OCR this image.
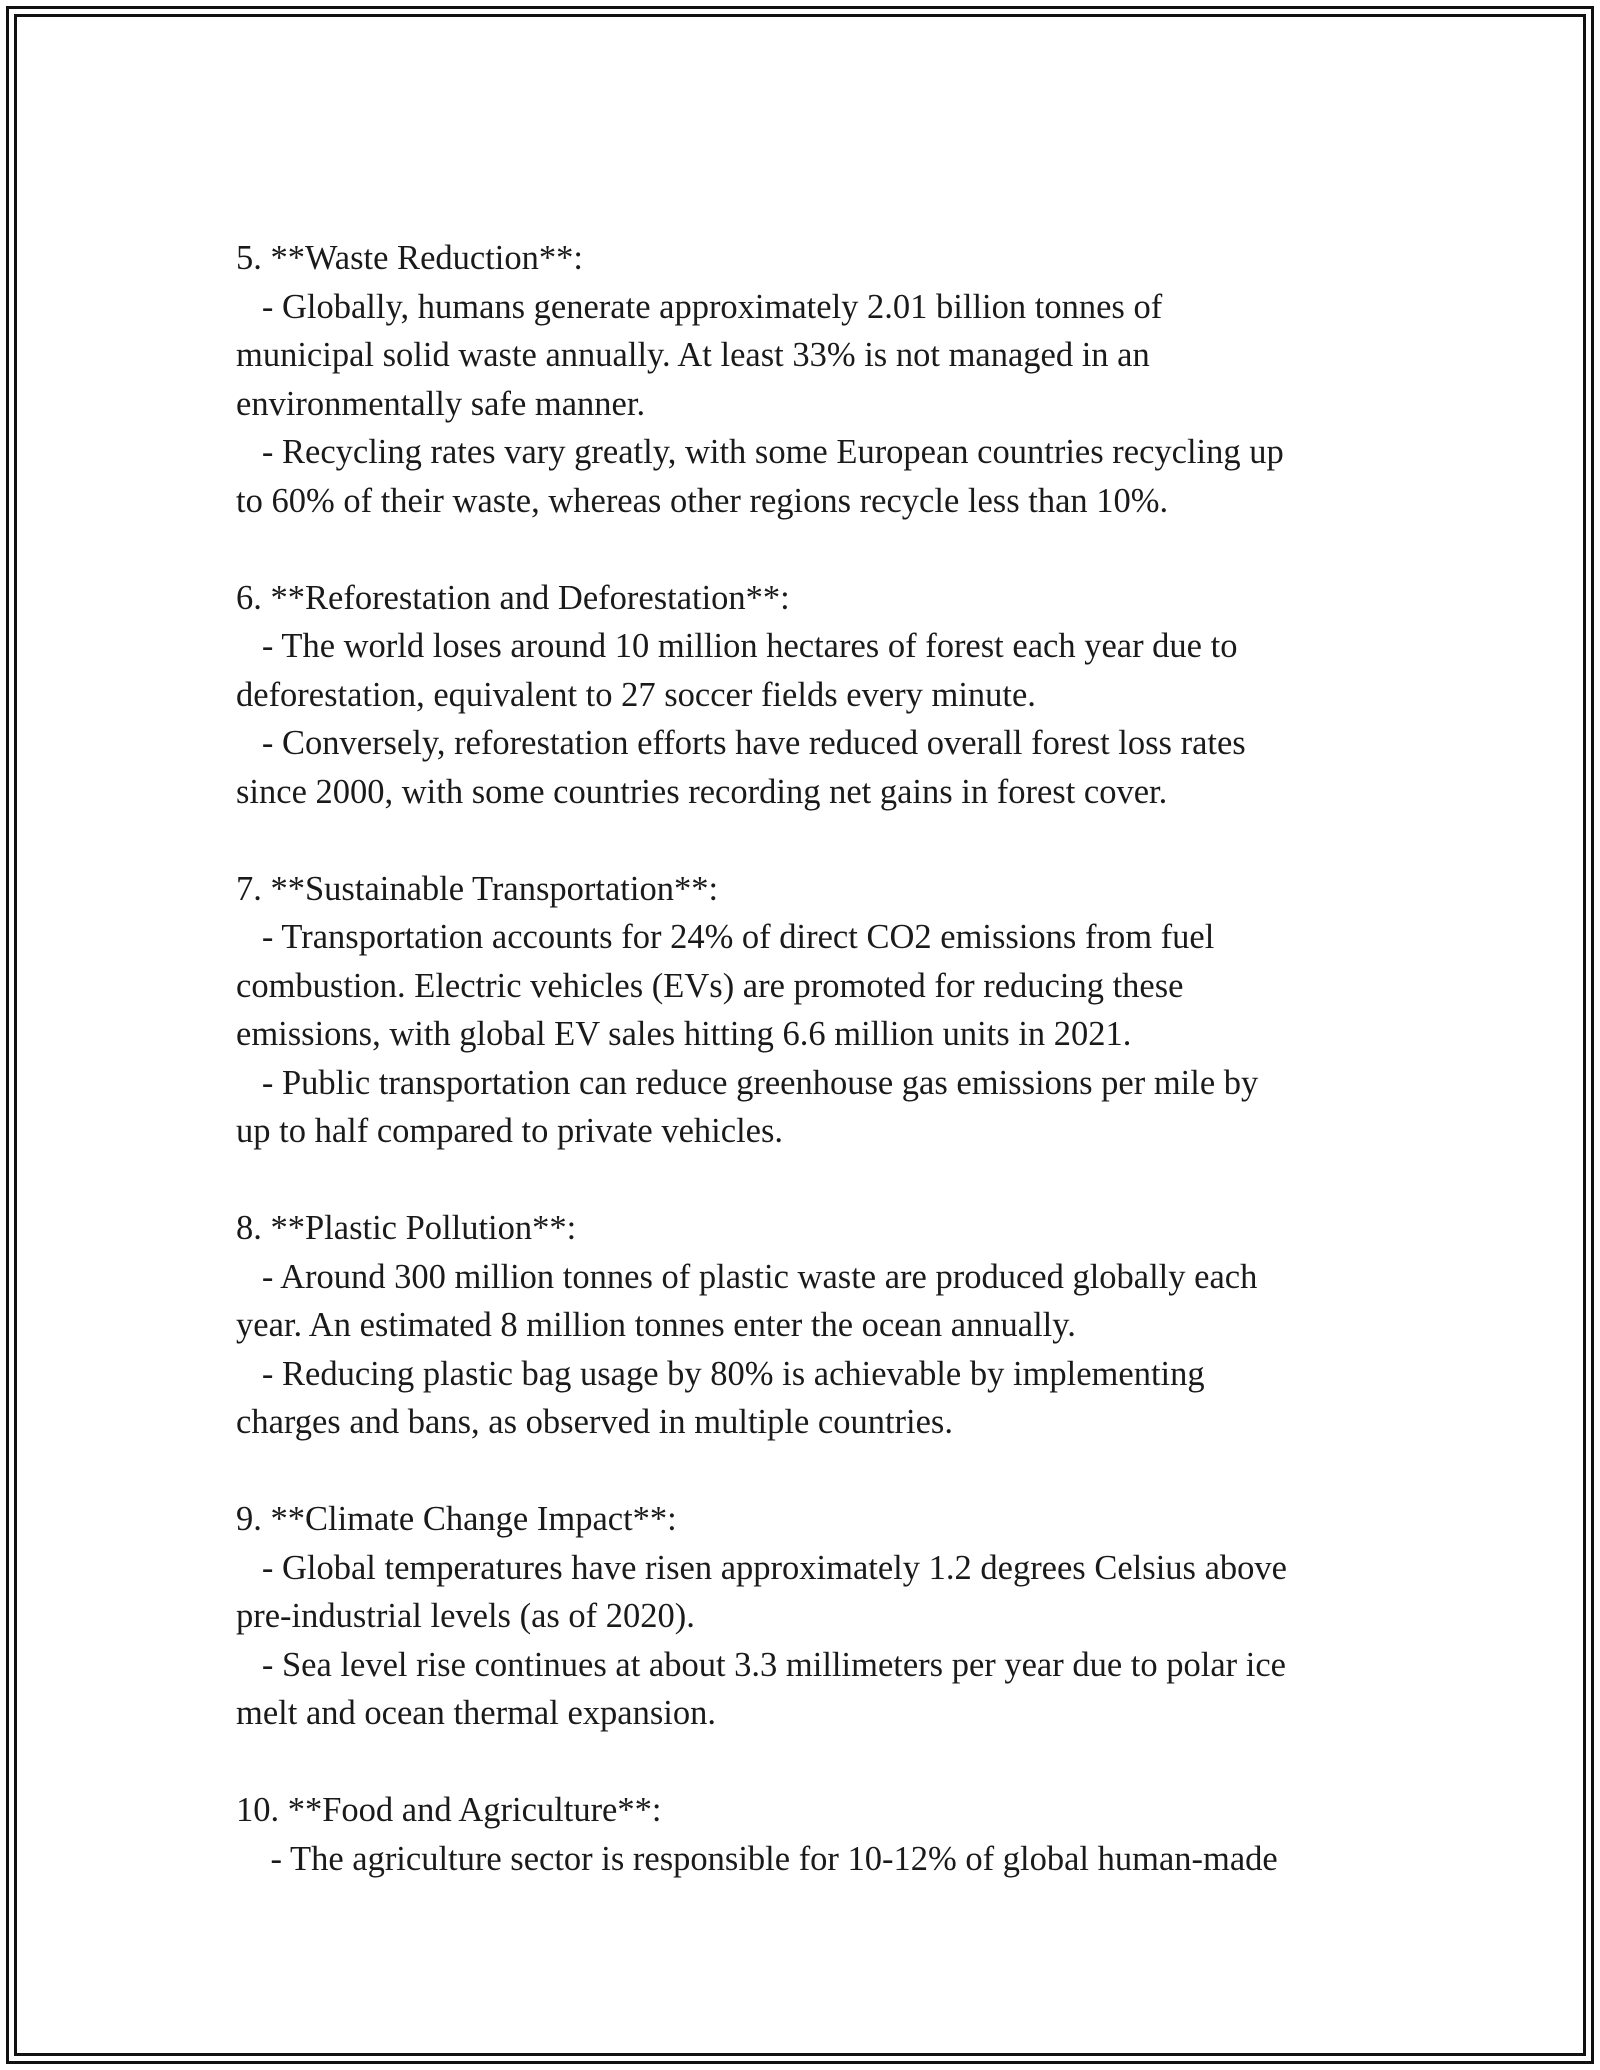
5. **Waste Reduction**:
- Globally, humans generate approximately 2.01 billion tonnes of
municipal solid waste annually. At least 33% is not managed in an
environmentally safe manner.
- Recycling rates vary greatly, with some European countries recycling up
to 60% of their waste, whereas other regions recycle less than 10%.
6. **Reforestation and Deforestation**:
- The world loses around 10 million hectares of forest each year due to
deforestation, equivalent to 27 soccer fields every minute.
- Conversely, reforestation efforts have reduced overall forest loss rates
since 2000, with some countries recording net gains in forest cover.
7. **Sustainable Transportation**:
- Transportation accounts for 24% of direct CO2 emissions from fuel
combustion. Electric vehicles (EVs) are promoted for reducing these
emissions, with global EV sales hitting 6.6 million units in 2021.
- Public transportation can reduce greenhouse gas emissions per mile by
up to half compared to private vehicles.
8. **Plastic Pollution**:
- Around 300 million tonnes of plastic waste are produced globally each
year. An estimated 8 million tonnes enter the ocean annually.
- Reducing plastic bag usage by 80% is achievable by implementing
charges and bans, as observed in multiple countries.
9. **Climate Change Impact**:
- Global temperatures have risen approximately 1.2 degrees Celsius above
pre-industrial levels (as of 2020).
- Sea level rise continues at about 3.3 millimeters per year due to polar ice
melt and ocean thermal expansion.
10. **Food and Agriculture**:
- The agriculture sector is responsible for 10-12% of global human-made
